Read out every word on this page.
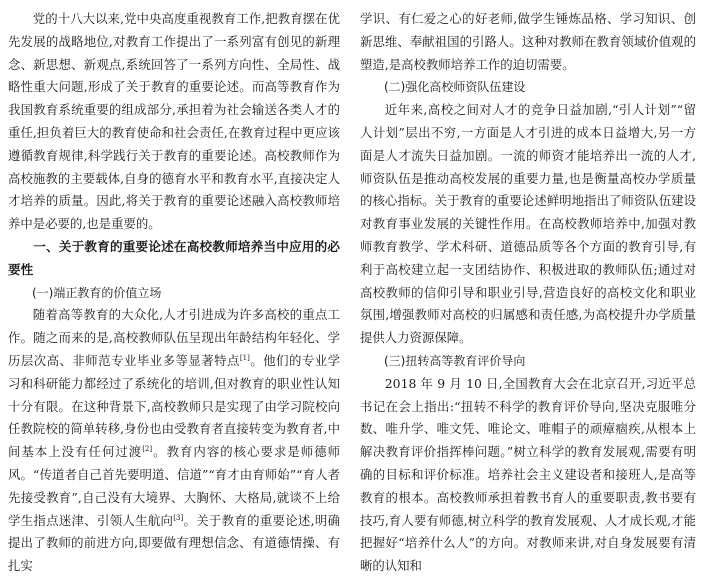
党的十八大以来,党中央高度重视教育工作,把教育摆在优先发展的战略地位,对教育工作提出了一系列富有创见的新理念、新思想、新观点,系统回答了一系列方向性、全局性、战略性重大问题,形成了关于教育的重要论述。而高等教育作为我国教育系统重要的组成部分,承担着为社会输送各类人才的重任,担负着巨大的教育使命和社会责任,在教育过程中更应该遵循教育规律,科学践行关于教育的重要论述。高校教师作为高校施教的主要载体,自身的德育水平和教育水平,直接决定人才培养的质量。因此,将关于教育的重要论述融入高校教师培养中是必要的,也是重要的。

一、关于教育的重要论述在高校教师培养当中应用的必要性
(一)端正教育的价值立场

随着高等教育的大众化,人才引进成为许多高校的重点工作。随之而来的是,高校教师队伍呈现出年龄结构年轻化、学历层次高、非师范专业毕业多等显著特点[1]。他们的专业学习和科研能力都经过了系统化的培训,但对教育的职业性认知十分有限。在这种背景下,高校教师只是实现了由学习院校向任教院校的简单转移,身份也由受教育者直接转变为教育者,中间基本上没有任何过渡[2]。教育内容的核心要求是师德师风。“传道者自己首先要明道、信道”“育才由育师始”“育人者先接受教育”,自己没有大境界、大胸怀、大格局,就谈不上给学生指点迷津、引领人生航向[3]。关于教育的重要论述,明确提出了教师的前进方向,即要做有理想信念、有道德情操、有扎实

学识、有仁爱之心的好老师,做学生锤炼品格、学习知识、创新思维、奉献祖国的引路人。这种对教师在教育领域价值观的塑造,是高校教师培养工作的迫切需要。

(二)强化高校师资队伍建设

近年来,高校之间对人才的竞争日益加剧,“引人计划”“留人计划”层出不穷,一方面是人才引进的成本日益增大,另一方面是人才流失日益加剧。一流的师资才能培养出一流的人才,师资队伍是推动高校发展的重要力量,也是衡量高校办学质量的核心指标。关于教育的重要论述鲜明地指出了师资队伍建设对教育事业发展的关键性作用。在高校教师培养中,加强对教师教育教学、学术科研、道德品质等各个方面的教育引导,有利于高校建立起一支团结协作、积极进取的教师队伍;通过对高校教师的信仰引导和职业引导,营造良好的高校文化和职业氛围,增强教师对高校的归属感和责任感,为高校提升办学质量提供人力资源保障。

(三)扭转高等教育评价导向

2018 年 9 月 10 日,全国教育大会在北京召开,习近平总书记在会上指出:“扭转不科学的教育评价导向,坚决克服唯分数、唯升学、唯文凭、唯论文、唯帽子的顽瘴痼疾,从根本上解决教育评价指挥棒问题。”树立科学的教育发展观,需要有明确的目标和评价标准。培养社会主义建设者和接班人,是高等教育的根本。高校教师承担着教书育人的重要职责,教书要有技巧,育人要有师德,树立科学的教育发展观、人才成长观,才能把握好“培养什么人”的方向。对教师来讲,对自身发展要有清晰的认知和
